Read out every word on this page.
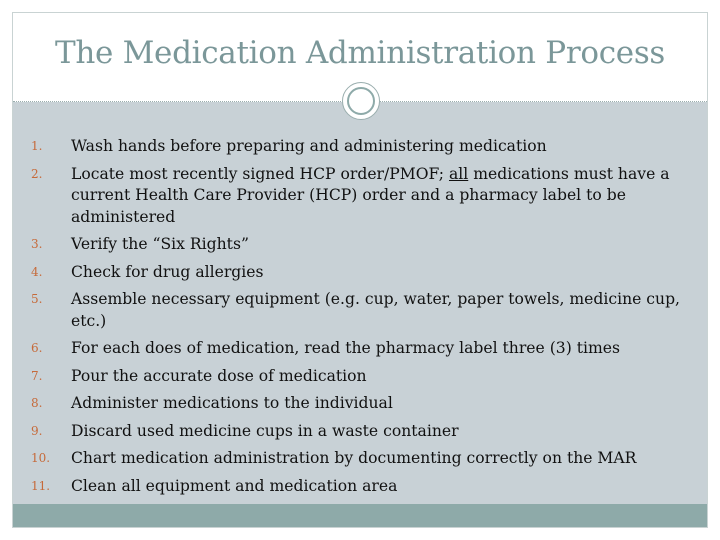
The Medication Administration Process
1. Wash hands before preparing and administering medication
2. Locate most recently signed HCP order/PMOF; all medications must have a current Health Care Provider (HCP) order and a pharmacy label to be administered
3. Verify the “Six Rights”
4. Check for drug allergies
5. Assemble necessary equipment (e.g. cup, water, paper towels, medicine cup, etc.)
6. For each does of medication, read the pharmacy label three (3) times
7. Pour the accurate dose of medication
8. Administer medications to the individual
9. Discard used medicine cups in a waste container
10. Chart medication administration by documenting correctly on the MAR
11. Clean all equipment and medication area
